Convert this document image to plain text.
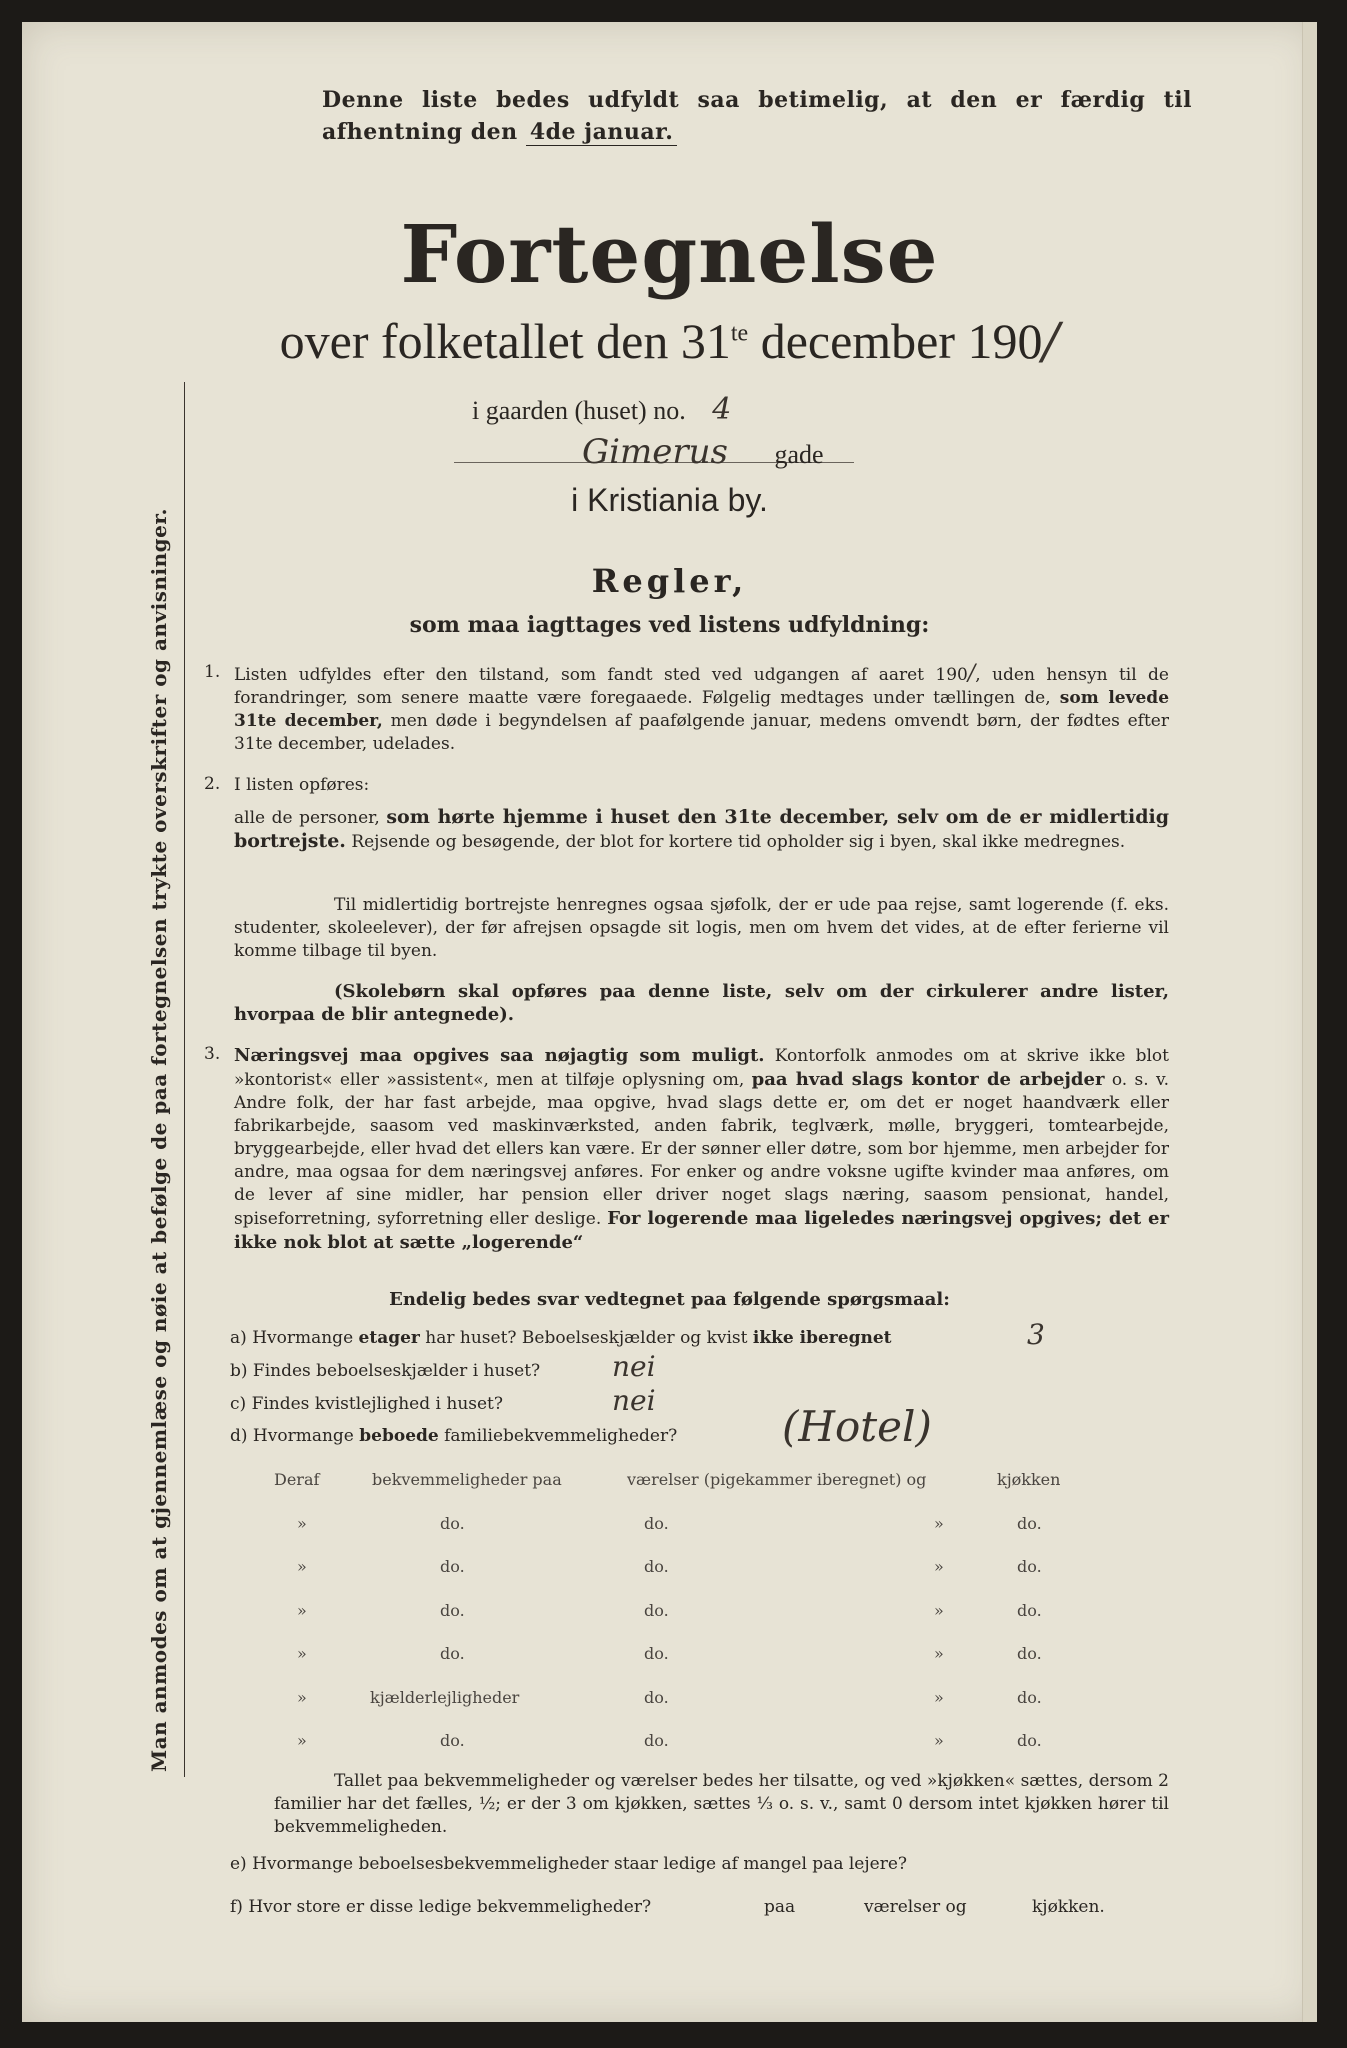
Denne liste bedes udfyldt saa betimelig, at den er færdig til
afhentning den 4de januar.
Fortegnelse
over folketallet den $31^{te}$ december 190/
i gaarden (huset) no. 4
Gimerus gade
i Kristiania by.
Regler,
som maa iagttages ved listens udfyldning:
Man anmodes om at gjennemlæse og nøie at befølge de paa fortegnelsen trykte overskrifter og anvisninger. 1. Listen udfyldes efter den tilstand, som fandt sted ved udgangen af aaret 190/, uden hensyn til de forandringer, som senere maatte være foregaaede. Følgelig medtages under tællingen de, som levede 31te december, men døde i begyndelsen af paafølgende januar, medens omvendt børn, der fødtes efter 31te december, udelades.
2. I listen opføres:
alle de personer, som hørte hjemme i huset den 31te december, selv om de er midlertidig bortrejste. Rejsende og besøgende, der blot for kortere tid opholder sig i byen, skal ikke medregnes.
Til midlertidig bortrejste henregnes ogsaa sjøfolk, der er ude paa rejse, samt logerende (f. eks. studenter, skoleelever), der før afrejsen opsagde sit logis, men om hvem det vides, at de efter ferierne vil komme tilbage til byen.
(Skolebørn skal opføres paa denne liste, selv om der cirkulerer andre lister, hvorpaa de blir antegnede).
3. Næringsvej maa opgives saa nøjagtig som muligt. Kontorfolk anmodes om at skrive ikke blot »kontorist« eller »assistent«, men at tilføje oplysning om, paa hvad slags kontor de arbejder o. s. v. Andre folk, der har fast arbejde, maa opgive, hvad slags dette er, om det er noget haandværk eller fabrikarbejde, saasom ved maskinværksted, anden fabrik, teglværk, mølle, bryggeri, tomtearbejde, bryggearbejde, eller hvad det ellers kan være. Er der sønner eller døtre, som bor hjemme, men arbejder for andre, maa ogsaa for dem næringsvej anføres. For enker og andre voksne ugifte kvinder maa anføres, om de lever af sine midler, har pension eller driver noget slags næring, saasom pensionat, handel, spiseforretning, syforretning eller deslige. For logerende maa ligeledes næringsvej opgives; det er ikke nok blot at sætte „logerende“
Endelig bedes svar vedtegnet paa følgende spørgsmaal:
a) Hvormange etager har huset? Beboelseskjælder og kvist ikke iberegnet	3
b) Findes beboelseskjælder i huset?	nei
c) Findes kvistlejlighed i huset?	nei
d) Hvormange beboede familiebekvemmeligheder? (Hotel)
Deraf	bekvemmeligheder paa	værelser (pigekammer iberegnet) og	kjøkken
»	do.	do.	»	do.
»	do.	do.	»	do.
»	do.	do.	»	do.
»	do.	do.	»	do.
»	kjælderlejligheder	do.	»	do.
»	do.	do.	»	do.
Tallet paa bekvemmeligheder og værelser bedes her tilsatte, og ved »kjøkken« sættes, dersom 2 familier har det fælles, ½; er der 3 om kjøkken, sættes ⅓ o. s. v., samt 0 dersom intet kjøkken hører til bekvemmeligheden.
e) Hvormange beboelsesbekvemmeligheder staar ledige af mangel paa lejere?
f) Hvor store er disse ledige bekvemmeligheder?	paa	værelser og	kjøkken.
